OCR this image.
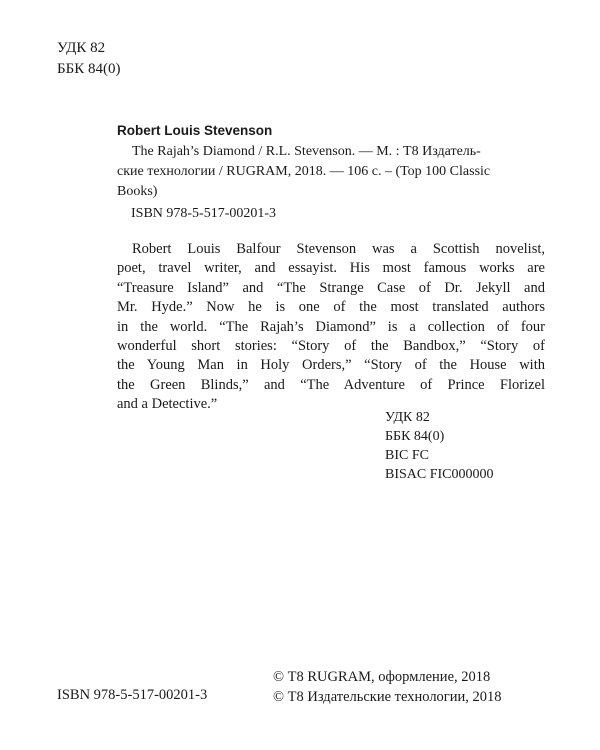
УДК 82
ББК 84(0)
Robert Louis Stevenson
The Rajah’s Diamond / R.L. Stevenson. — М. : Т8 Издатель-
ские технологии / RUGRAM, 2018. — 106 с. – (Top 100 Classic
Books)
ISBN 978-5-517-00201-3
Robert Louis Balfour Stevenson was a Scottish novelist,
poet, travel writer, and essayist. His most famous works are
“Treasure Island” and “The Strange Case of Dr. Jekyll and
Mr. Hyde.” Now he is one of the most translated authors
in the world. “The Rajah’s Diamond” is a collection of four
wonderful short stories: “Story of the Bandbox,” “Story of
the Young Man in Holy Orders,” “Story of the House with
the Green Blinds,” and “The Adventure of Prince Florizel
and a Detective.”
УДК 82
ББК 84(0)
BIC FC
BISAC FIC000000
ISBN 978-5-517-00201-3
© Т8 RUGRAM, оформление, 2018
© Т8 Издательские технологии, 2018
